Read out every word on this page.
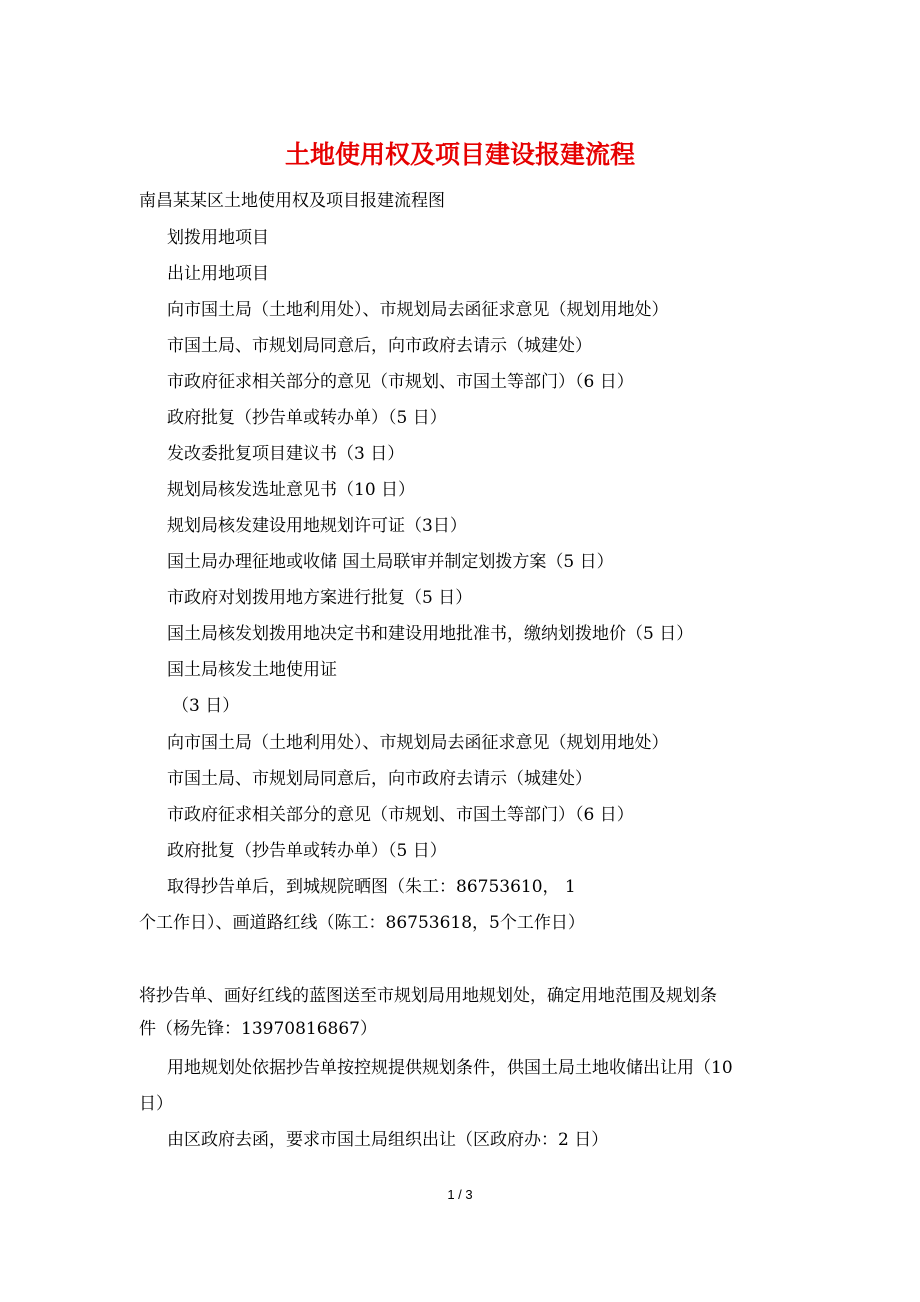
土地使用权及项目建设报建流程
南昌某某区土地使用权及项目报建流程图
划拨用地项目
出让用地项目
向市国土局（土地利用处）、市规划局去函征求意见（规划用地处）
市国土局、市规划局同意后，向市政府去请示（城建处）
市政府征求相关部分的意见（市规划、市国土等部门）（6 日）
政府批复（抄告单或转办单）（5 日）
发改委批复项目建议书（3 日）
规划局核发选址意见书（10 日）
规划局核发建设用地规划许可证（3日）
国土局办理征地或收储 国土局联审并制定划拨方案（5 日）
市政府对划拨用地方案进行批复（5 日）
国土局核发划拨用地决定书和建设用地批准书，缴纳划拨地价（5 日）
国土局核发土地使用证
（3 日）
向市国土局（土地利用处）、市规划局去函征求意见（规划用地处）
市国土局、市规划局同意后，向市政府去请示（城建处）
市政府征求相关部分的意见（市规划、市国土等部门）（6 日）
政府批复（抄告单或转办单）（5 日）
取得抄告单后，到城规院晒图（朱工：86753610， 1
个工作日）、画道路红线（陈工：86753618，5个工作日）
将抄告单、画好红线的蓝图送至市规划局用地规划处，确定用地范围及规划条
件（杨先锋：13970816867）
用地规划处依据抄告单按控规提供规划条件，供国土局土地收储出让用（10
日）
由区政府去函，要求市国土局组织出让（区政府办：2 日）
1 / 3
